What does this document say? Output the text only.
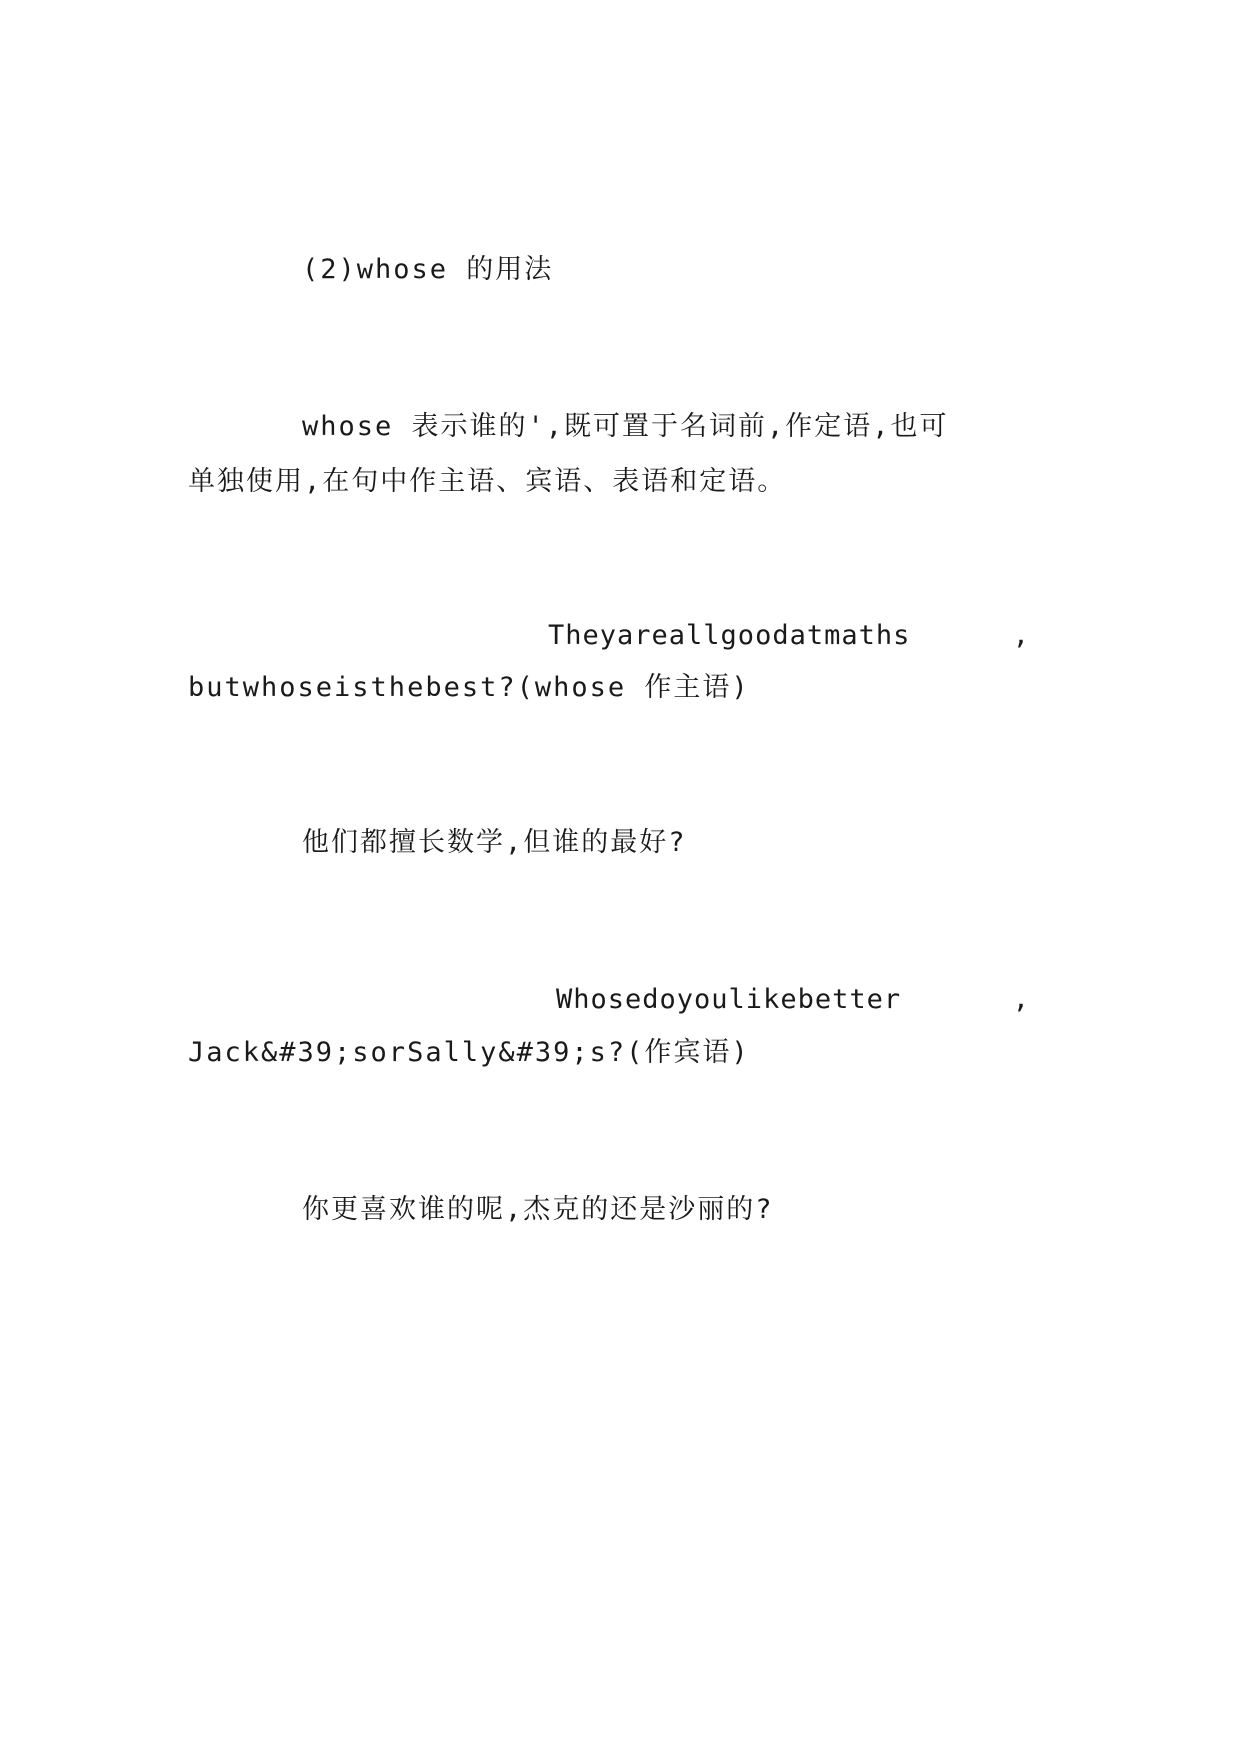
(2)whose 的用法
whose 表示谁的',既可置于名词前,作定语,也可
单独使用,在句中作主语、宾语、表语和定语。

Theyareallgoodatmaths

	,

butwhoseisthebest?(whose 作主语)
他们都擅长数学,但谁的最好?

Whosedoyoulikebetter

	,

Jack&#39;sorSally&#39;s?(作宾语)
你更喜欢谁的呢,杰克的还是沙丽的?
